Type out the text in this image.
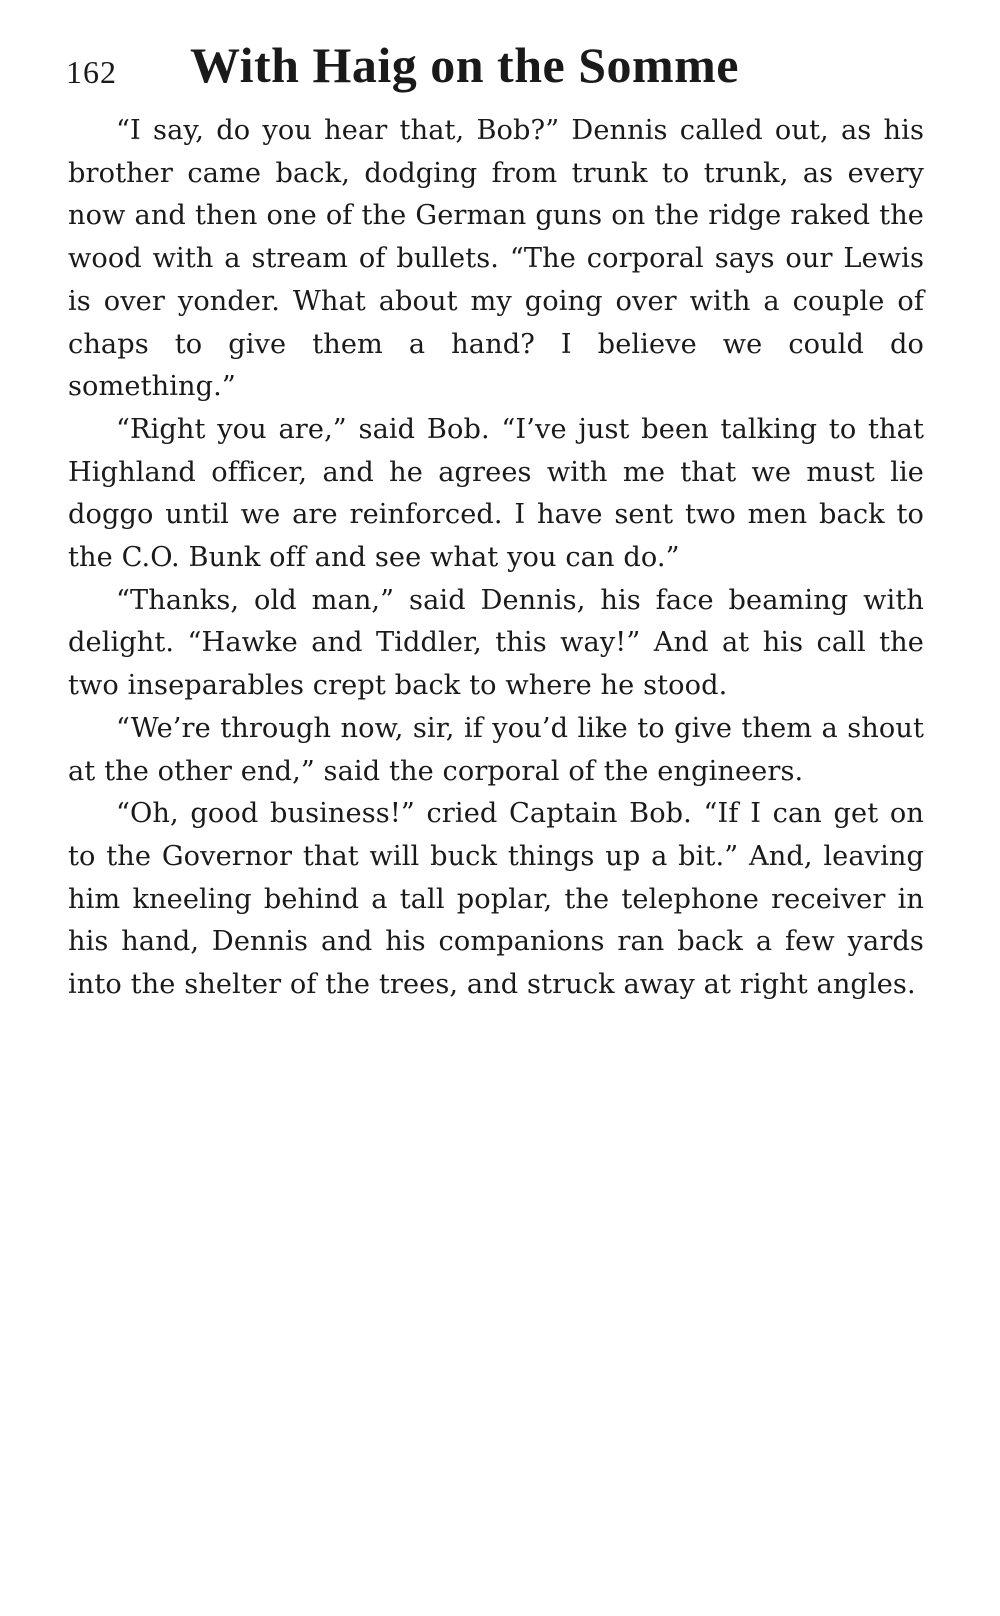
162 With Haig on the Somme

“I say, do you hear that, Bob?” Dennis called out, as his brother came back, dodging from trunk to trunk, as every now and then one of the German guns on the ridge raked the wood with a stream of bullets. “The corporal says our Lewis is over yonder. What about my going over with a couple of chaps to give them a hand? I believe we could do something.”

“Right you are,” said Bob. “I’ve just been talking to that Highland officer, and he agrees with me that we must lie doggo until we are reinforced. I have sent two men back to the C.O. Bunk off and see what you can do.”

“Thanks, old man,” said Dennis, his face beaming with delight. “Hawke and Tiddler, this way!” And at his call the two inseparables crept back to where he stood.

“We’re through now, sir, if you’d like to give them a shout at the other end,” said the corporal of the engineers.

“Oh, good business!” cried Captain Bob. “If I can get on to the Governor that will buck things up a bit.” And, leaving him kneeling behind a tall poplar, the telephone receiver in his hand, Dennis and his companions ran back a few yards into the shelter of the trees, and struck away at right angles.
